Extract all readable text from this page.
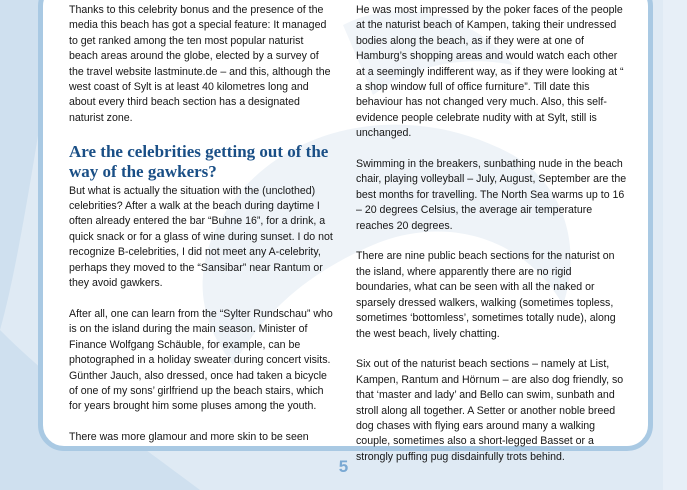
Thanks to this celebrity bonus and the presence of the media this beach has got a special feature: It managed to get ranked among the ten most popular naturist beach areas around the globe, elected by a survey of the travel website lastminute.de – and this, although the west coast of Sylt is at least 40 kilometres long and about every third beach section has a designated naturist zone.

Are the celebrities getting out of the way of the gawkers?

But what is actually the situation with the (unclothed) celebrities? After a walk at the beach during daytime I often already entered the bar “Buhne 16”, for a drink, a quick snack or for a glass of wine during sunset. I do not recognize B-celebrities, I did not meet any A-celebrity, perhaps they moved to the “Sansibar” near Rantum or they avoid gawkers.

After all, one can learn from the “Sylter Rundschau” who is on the island during the main season. Minister of Finance Wolfgang Schäuble, for example, can be photographed in a holiday sweater during concert visits. Günther Jauch, also dressed, once had taken a bicycle of one of my sons’ girlfriend up the beach stairs, which for years brought him some pluses among the youth.

There was more glamour and more skin to be seen

He was most impressed by the poker faces of the people at the naturist beach of Kampen, taking their undressed bodies along the beach, as if they were at one of Hamburg’s shopping areas and would watch each other at a seemingly indifferent way, as if they were looking at “ a shop window full of office furniture”. Till date this behaviour has not changed very much. Also, this self-evidence people celebrate nudity with at Sylt, still is unchanged.

Swimming in the breakers, sunbathing nude in the beach chair, playing volleyball – July, August, September are the best months for travelling. The North Sea warms up to 16 – 20 degrees Celsius, the average air temperature reaches 20 degrees.

There are nine public beach sections for the naturist on the island, where apparently there are no rigid boundaries, what can be seen with all the naked or sparsely dressed walkers, walking (sometimes topless, sometimes ‘bottomless’, sometimes totally nude), along the west beach, lively chatting.

Six out of the naturist beach sections – namely at List, Kampen, Rantum and Hörnum – are also dog friendly, so that ‘master and lady’ and Bello can swim, sunbath and stroll along all together. A Setter or another noble breed dog chases with flying ears around many a walking couple, sometimes also a short-legged Basset or a strongly puffing pug disdainfully trots behind.

5
